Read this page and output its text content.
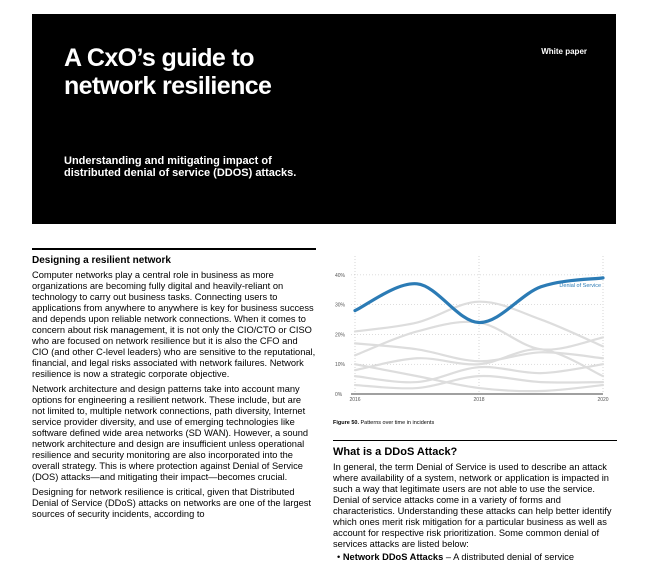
A CxO’s guide to
network resilience
White paper
Understanding and mitigating impact of
distributed denial of service (DDOS) attacks.
Designing a resilient network

Computer networks play a central role in business as more organizations are becoming fully digital and heavily-reliant on technology to carry out business tasks. Connecting users to applications from anywhere to anywhere is key for business success and depends upon reliable network connections. When it comes to concern about risk management, it is not only the CIO/CTO or CISO who are focused on network resilience but it is also the CFO and CIO (and other C-level leaders) who are sensitive to the reputational, financial, and legal risks associated with network failures. Network resilience is now a strategic corporate objective.

Network architecture and design patterns take into account many options for engineering a resilient network. These include, but are not limited to, multiple network connections, path diversity, Internet service provider diversity, and use of emerging technologies like software defined wide area networks (SD WAN). However, a sound network architecture and design are insufficient unless operational resilience and security monitoring are also incorporated into the overall strategy. This is where protection against Denial of Service (DOS) attacks—and mitigating their impact—becomes crucial.

Designing for network resilience is critical, given that Distributed Denial of Service (DDoS) attacks on networks are one of the largest sources of security incidents, according to

0%
10%
20%
30%
40%
2016	2018	2020
Denial of Service
Figure 50. Patterns over time in incidents
What is a DDoS Attack?

In general, the term Denial of Service is used to describe an attack where availability of a system, network or application is impacted in such a way that legitimate users are not able to use the service. Denial of service attacks come in a variety of forms and characteristics. Understanding these attacks can help better identify which ones merit risk mitigation for a particular business as well as account for respective risk prioritization. Some common denial of services attacks are listed below:

• Network DDoS Attacks – A distributed denial of service
